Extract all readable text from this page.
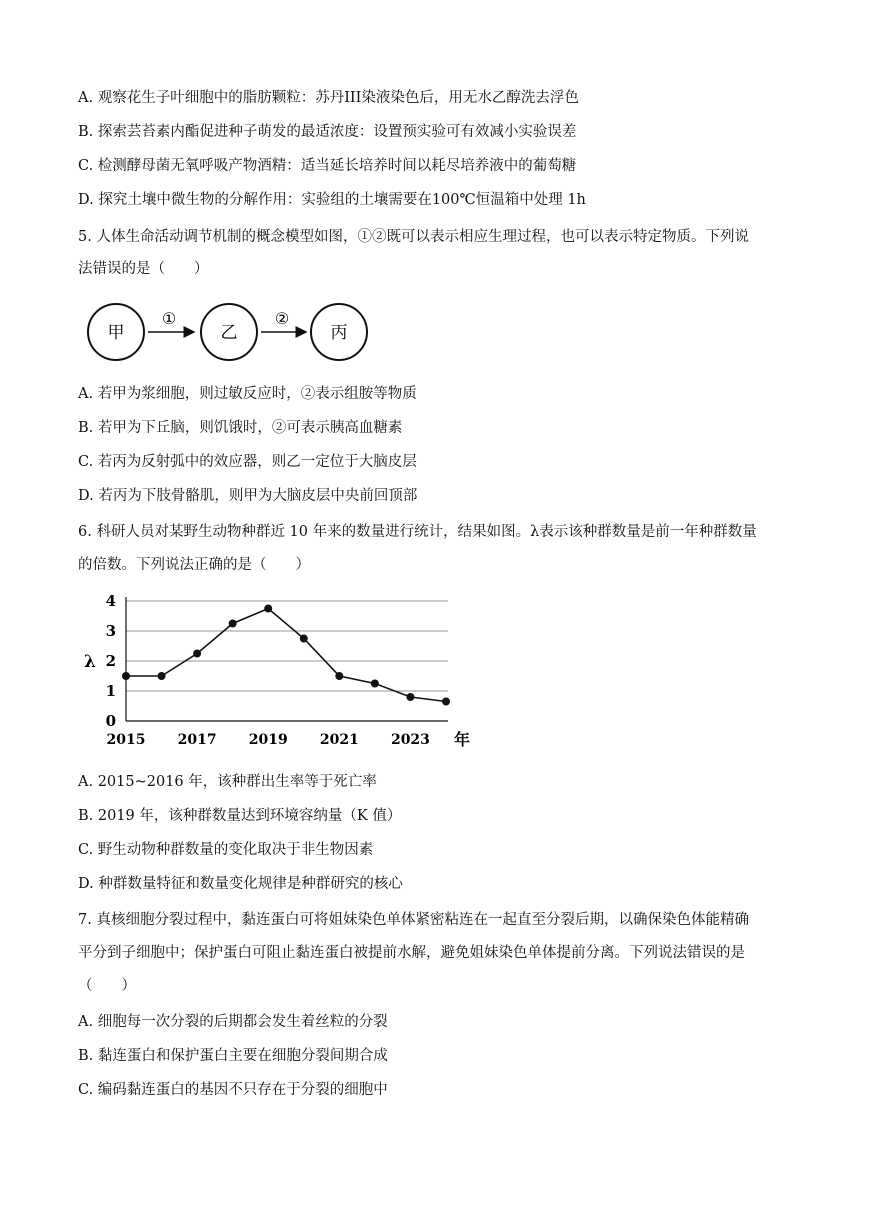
A. 观察花生子叶细胞中的脂肪颗粒：苏丹III染液染色后，用无水乙醇洗去浮色
B. 探索芸苔素内酯促进种子萌发的最适浓度：设置预实验可有效减小实验误差
C. 检测酵母菌无氧呼吸产物酒精：适当延长培养时间以耗尽培养液中的葡萄糖
D. 探究土壤中微生物的分解作用：实验组的土壤需要在100℃恒温箱中处理 1h
5. 人体生命活动调节机制的概念模型如图，①②既可以表示相应生理过程，也可以表示特定物质。下列说
法错误的是（　　）
甲
①
乙
②
丙
A. 若甲为浆细胞，则过敏反应时，②表示组胺等物质
B. 若甲为下丘脑，则饥饿时，②可表示胰高血糖素
C. 若丙为反射弧中的效应器，则乙一定位于大脑皮层
D. 若丙为下肢骨骼肌，则甲为大脑皮层中央前回顶部
6. 科研人员对某野生动物种群近 10 年来的数量进行统计，结果如图。λ表示该种群数量是前一年种群数量
的倍数。下列说法正确的是（　　）
0
1
2
3
4
2015 2017 2019 2021 2023 年
λ
A. 2015~2016 年，该种群出生率等于死亡率
B. 2019 年，该种群数量达到环境容纳量（K 值）
C. 野生动物种群数量的变化取决于非生物因素
D. 种群数量特征和数量变化规律是种群研究的核心
7. 真核细胞分裂过程中，黏连蛋白可将姐妹染色单体紧密粘连在一起直至分裂后期，以确保染色体能精确
平分到子细胞中；保护蛋白可阻止黏连蛋白被提前水解，避免姐妹染色单体提前分离。下列说法错误的是
（　　）
A. 细胞每一次分裂的后期都会发生着丝粒的分裂
B. 黏连蛋白和保护蛋白主要在细胞分裂间期合成
C. 编码黏连蛋白的基因不只存在于分裂的细胞中
